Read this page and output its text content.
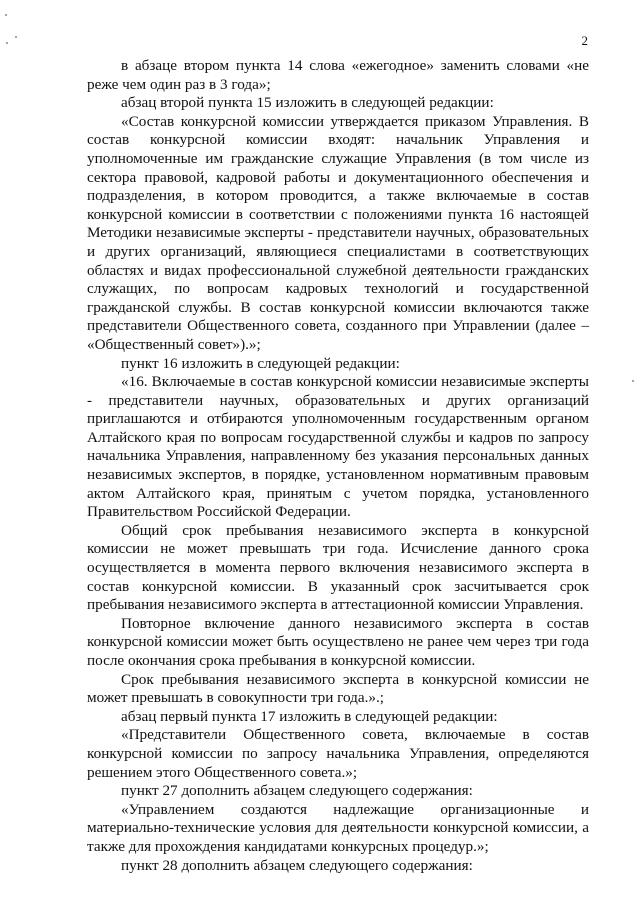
2

в абзаце втором пункта 14 слова «ежегодное» заменить словами «не реже чем один раз в 3 года»;

абзац второй пункта 15 изложить в следующей редакции:

«Состав конкурсной комиссии утверждается приказом Управления. В состав конкурсной комиссии входят: начальник Управления и уполномоченные им гражданские служащие Управления (в том числе из сектора правовой, кадровой работы и документационного обеспечения и подразделения, в котором проводится, а также включаемые в состав конкурсной комиссии в соответствии с положениями пункта 16 настоящей Методики независимые эксперты - представители научных, образовательных и других организаций, являющиеся специалистами в соответствующих областях и видах профессиональной служебной деятельности гражданских служащих, по вопросам кадровых технологий и государственной гражданской службы. В состав конкурсной комиссии включаются также представители Общественного совета, созданного при Управлении (далее – «Общественный совет»).»;

пункт 16 изложить в следующей редакции:

«16. Включаемые в состав конкурсной комиссии независимые эксперты - представители научных, образовательных и других организаций приглашаются и отбираются уполномоченным государственным органом Алтайского края по вопросам государственной службы и кадров по запросу начальника Управления, направленному без указания персональных данных независимых экспертов, в порядке, установленном нормативным правовым актом Алтайского края, принятым с учетом порядка, установленного Правительством Российской Федерации.

Общий срок пребывания независимого эксперта в конкурсной комиссии не может превышать три года. Исчисление данного срока осуществляется в момента первого включения независимого эксперта в состав конкурсной комиссии. В указанный срок засчитывается срок пребывания независимого эксперта в аттестационной комиссии Управления.

Повторное включение данного независимого эксперта в состав конкурсной комиссии может быть осуществлено не ранее чем через три года после окончания срока пребывания в конкурсной комиссии.

Срок пребывания независимого эксперта в конкурсной комиссии не может превышать в совокупности три года.».;

абзац первый пункта 17 изложить в следующей редакции:

«Представители Общественного совета, включаемые в состав конкурсной комиссии по запросу начальника Управления, определяются решением этого Общественного совета.»;

пункт 27 дополнить абзацем следующего содержания:

«Управлением создаются надлежащие организационные и материально-технические условия для деятельности конкурсной комиссии, а также для прохождения кандидатами конкурсных процедур.»;

пункт 28 дополнить абзацем следующего содержания:
